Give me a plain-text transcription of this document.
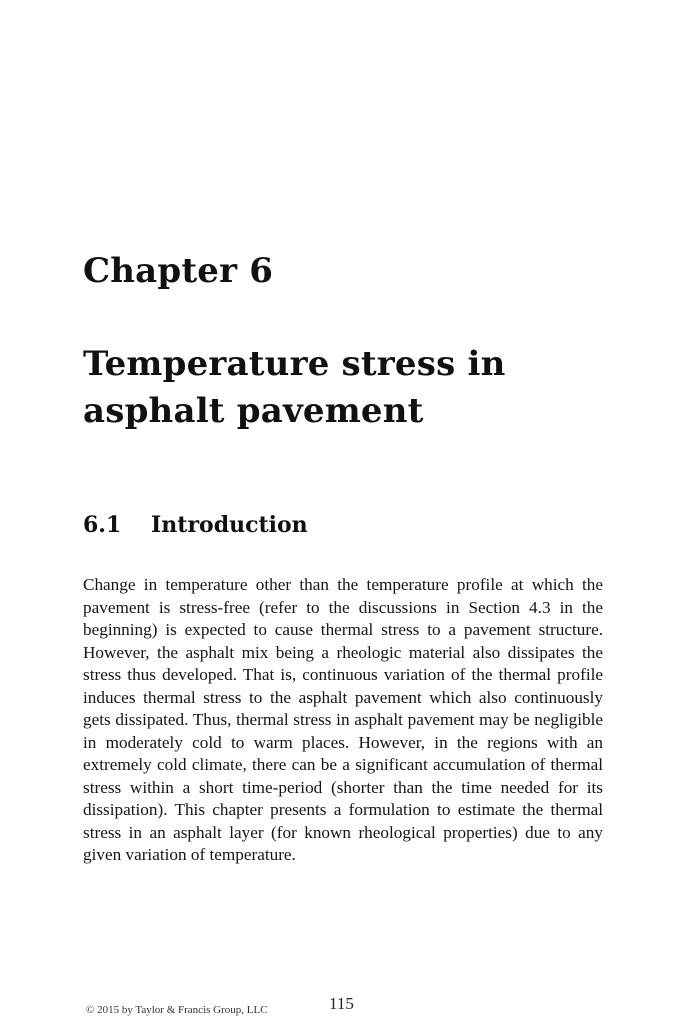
Chapter 6
Temperature stress in asphalt pavement
6.1 Introduction

Change in temperature other than the temperature profile at which the pavement is stress-free (refer to the discussions in Section 4.3 in the beginning) is expected to cause thermal stress to a pavement structure. However, the asphalt mix being a rheologic material also dissipates the stress thus developed. That is, continuous variation of the thermal profile induces thermal stress to the asphalt pavement which also continuously gets dissipated. Thus, thermal stress in asphalt pavement may be negligible in moderately cold to warm places. However, in the regions with an extremely cold climate, there can be a significant accumulation of thermal stress within a short time-period (shorter than the time needed for its dissipation). This chapter presents a formulation to estimate the thermal stress in an asphalt layer (for known rheological properties) due to any given variation of temperature.

© 2015 by Taylor & Francis Group, LLC	115
